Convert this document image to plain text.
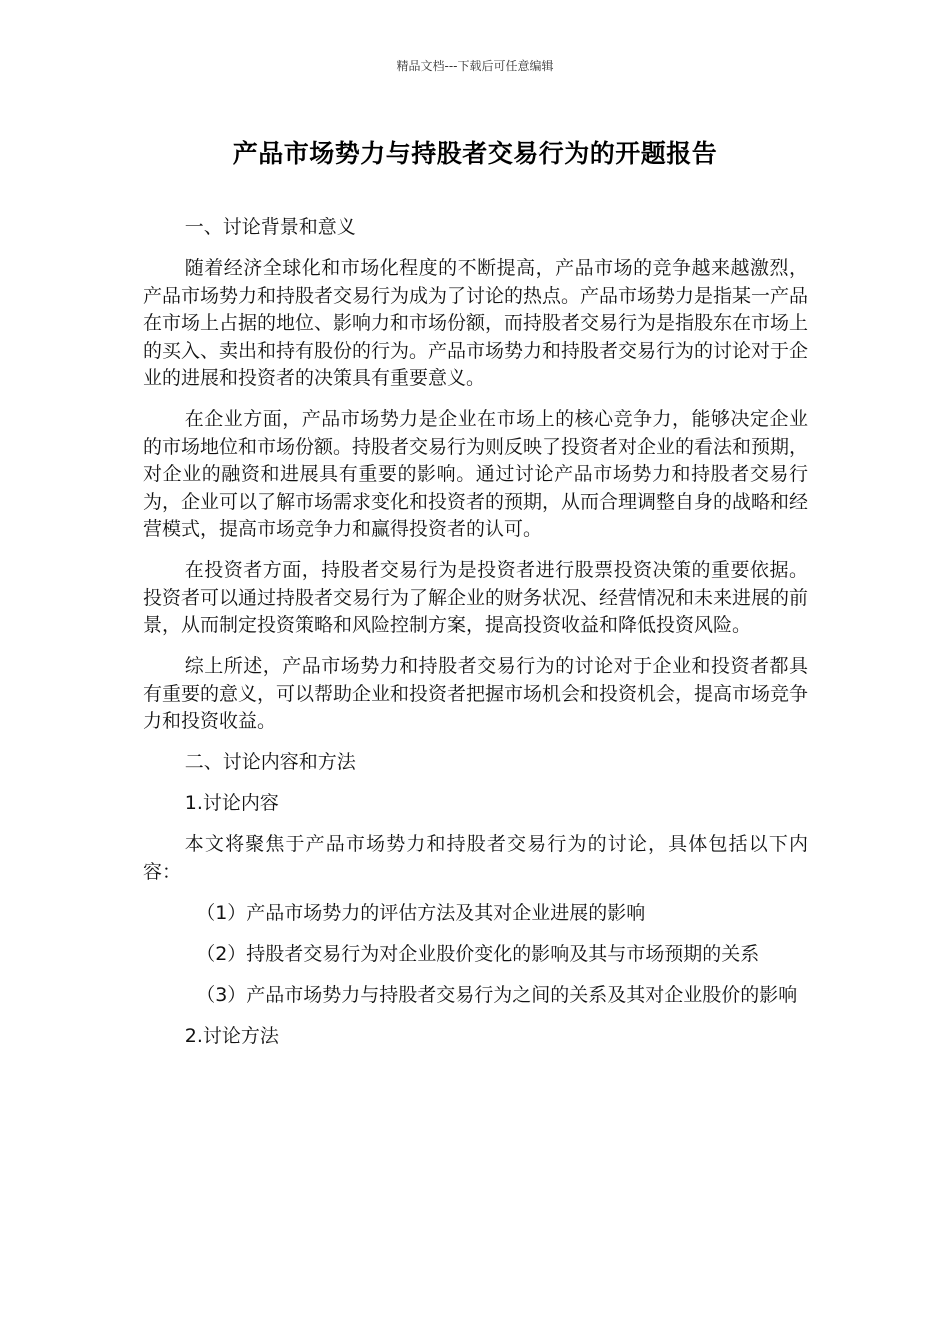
精品文档---下载后可任意编辑
产品市场势力与持股者交易行为的开题报告

一、讨论背景和意义

随着经济全球化和市场化程度的不断提高，产品市场的竞争越来越激烈，产品市场势力和持股者交易行为成为了讨论的热点。产品市场势力是指某一产品在市场上占据的地位、影响力和市场份额，而持股者交易行为是指股东在市场上的买入、卖出和持有股份的行为。产品市场势力和持股者交易行为的讨论对于企业的进展和投资者的决策具有重要意义。

在企业方面，产品市场势力是企业在市场上的核心竞争力，能够决定企业的市场地位和市场份额。持股者交易行为则反映了投资者对企业的看法和预期，对企业的融资和进展具有重要的影响。通过讨论产品市场势力和持股者交易行为，企业可以了解市场需求变化和投资者的预期，从而合理调整自身的战略和经营模式，提高市场竞争力和赢得投资者的认可。

在投资者方面，持股者交易行为是投资者进行股票投资决策的重要依据。投资者可以通过持股者交易行为了解企业的财务状况、经营情况和未来进展的前景，从而制定投资策略和风险控制方案，提高投资收益和降低投资风险。

综上所述，产品市场势力和持股者交易行为的讨论对于企业和投资者都具有重要的意义，可以帮助企业和投资者把握市场机会和投资机会，提高市场竞争力和投资收益。

二、讨论内容和方法

1.讨论内容

本文将聚焦于产品市场势力和持股者交易行为的讨论，具体包括以下内容：

（1）产品市场势力的评估方法及其对企业进展的影响

（2）持股者交易行为对企业股价变化的影响及其与市场预期的关系

（3）产品市场势力与持股者交易行为之间的关系及其对企业股价的影响

2.讨论方法
